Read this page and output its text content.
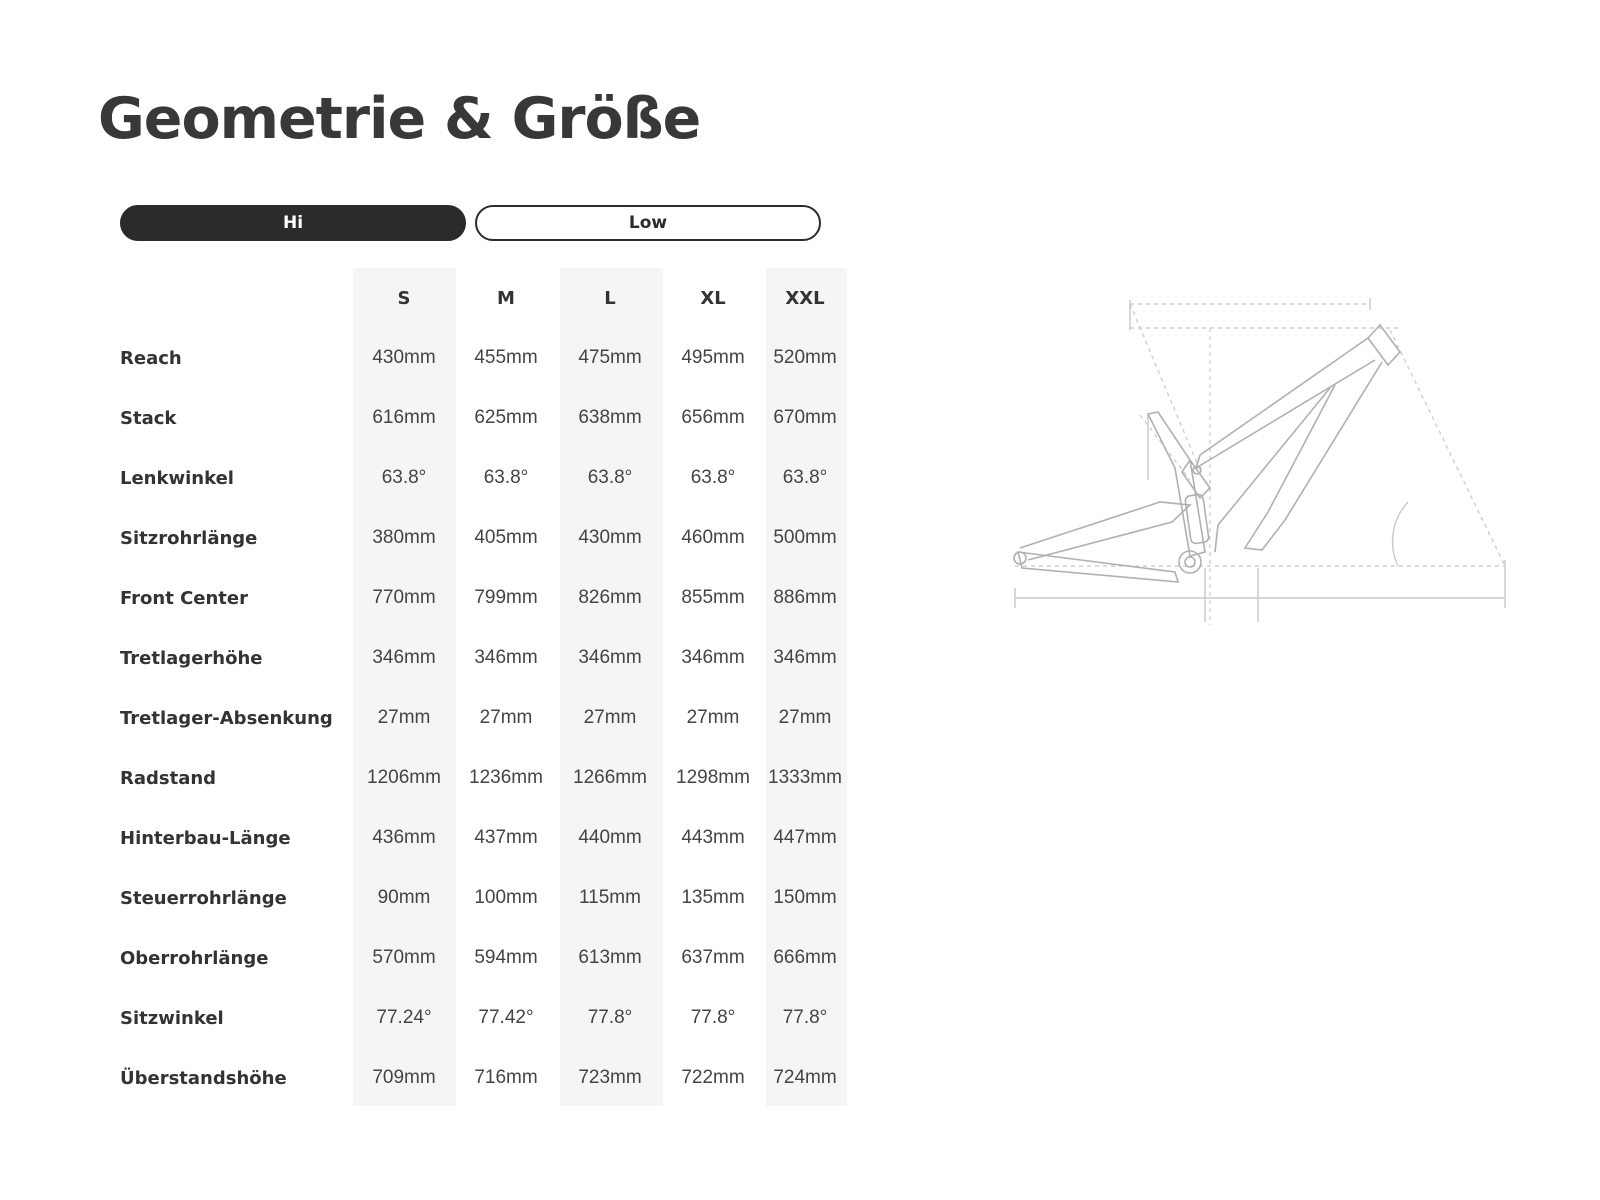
Geometrie & Größe
Hi	Low
S	M	L	XL	XXL
Reach	430mm	455mm	475mm	495mm	520mm
Stack	616mm	625mm	638mm	656mm	670mm
Lenkwinkel	63.8°	63.8°	63.8°	63.8°	63.8°
Sitzrohrlänge	380mm	405mm	430mm	460mm	500mm
Front Center	770mm	799mm	826mm	855mm	886mm
Tretlagerhöhe	346mm	346mm	346mm	346mm	346mm
Tretlager-Absenkung	27mm	27mm	27mm	27mm	27mm
Radstand	1206mm	1236mm	1266mm	1298mm 1333mm
Hinterbau-Länge	436mm	437mm	440mm	443mm	447mm
Steuerrohrlänge	90mm	100mm	115mm	135mm	150mm
Oberrohrlänge	570mm	594mm	613mm	637mm	666mm
Sitzwinkel	77.24°	77.42°	77.8°	77.8°	77.8°
Überstandshöhe	709mm	716mm	723mm	722mm	724mm
